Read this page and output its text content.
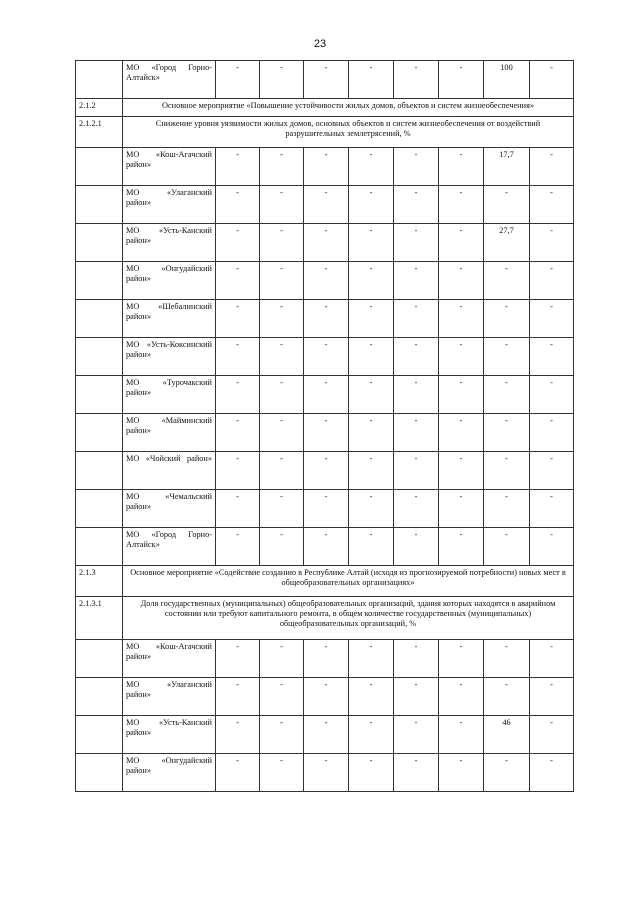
23
	МО «Город Горно-Алтайск»	-	-	-	-	-	-	100	-
2.1.2	Основное мероприятие «Повышение устойчивости жилых домов, объектов и систем жизнеобеспечения»								
2.1.2.1	Снижение уровня уязвимости жилых домов, основных объектов и систем жизнеобеспечения от воздействий разрушительных землетрясений, %								
	МО «Кош-Агачский район»	-	-	-	-	-	-	17,7	-
	МО «Улаганский район»	-	-	-	-	-	-	-	-
	МО «Усть-Канский район»	-	-	-	-	-	-	27,7	-
	МО «Онгудайский район»	-	-	-	-	-	-	-	-
	МО «Шебалинский район»	-	-	-	-	-	-	-	-
	МО «Усть-Коксинский район»	-	-	-	-	-	-	-	-
	МО «Турочакский район»	-	-	-	-	-	-	-	-
	МО «Майминский район»	-	-	-	-	-	-	-	-
	МО «Чойский район»	-	-	-	-	-	-	-	-
	МО «Чемальский район»	-	-	-	-	-	-	-	-
	МО «Город Горно-Алтайск»	-	-	-	-	-	-	-	-
2.1.3	Основное мероприятие «Содействие созданию в Республике Алтай (исходя из прогнозируемой потребности) новых мест в общеобразовательных организациях»								
2.1.3.1	Доля государственных (муниципальных) общеобразовательных организаций, здания которых находятся в аварийном состоянии или требуют капитального ремонта, в общем количестве государственных (муниципальных) общеобразовательных организаций, %								
	МО «Кош-Агачский район»	-	-	-	-	-	-	-	-
	МО «Улаганский район»	-	-	-	-	-	-	-	-
	МО «Усть-Канский район»	-	-	-	-	-	-	46	-
	МО «Онгудайский район»	-	-	-	-	-	-	-	-
